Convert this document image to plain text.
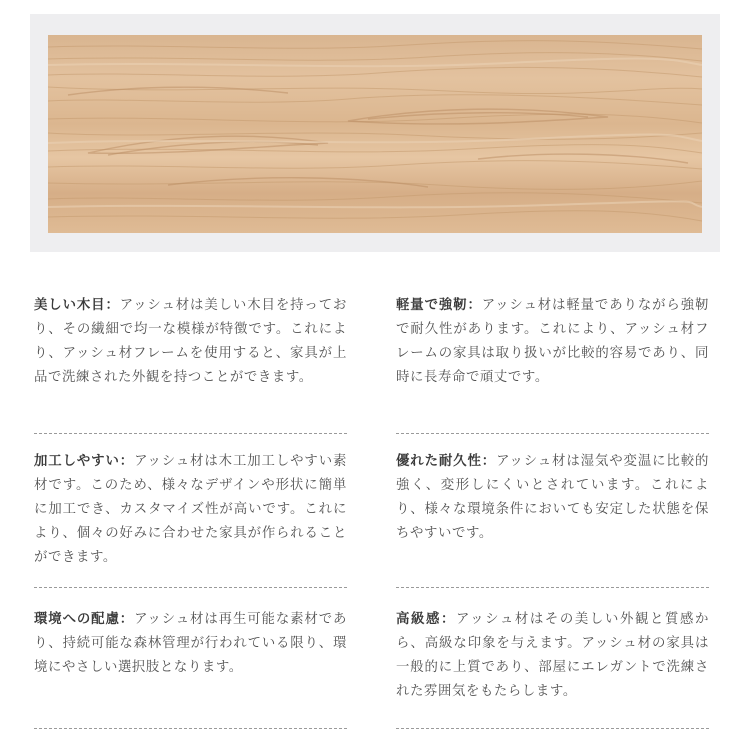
美しい木目：アッシュ材は美しい木目を持っており、その繊細で均一な模様が特徴です。これにより、アッシュ材フレームを使用すると、家具が上品で洗練された外観を持つことができます。
軽量で強靭：アッシュ材は軽量でありながら強靭で耐久性があります。これにより、アッシュ材フレームの家具は取り扱いが比較的容易であり、同時に長寿命で頑丈です。
加工しやすい：アッシュ材は木工加工しやすい素材です。このため、様々なデザインや形状に簡単に加工でき、カスタマイズ性が高いです。これにより、個々の好みに合わせた家具が作られることができます。
優れた耐久性：アッシュ材は湿気や変温に比較的強く、変形しにくいとされています。これにより、様々な環境条件においても安定した状態を保ちやすいです。
環境への配慮：アッシュ材は再生可能な素材であり、持続可能な森林管理が行われている限り、環境にやさしい選択肢となります。
高級感：アッシュ材はその美しい外観と質感から、高級な印象を与えます。アッシュ材の家具は一般的に上質であり、部屋にエレガントで洗練された雰囲気をもたらします。
